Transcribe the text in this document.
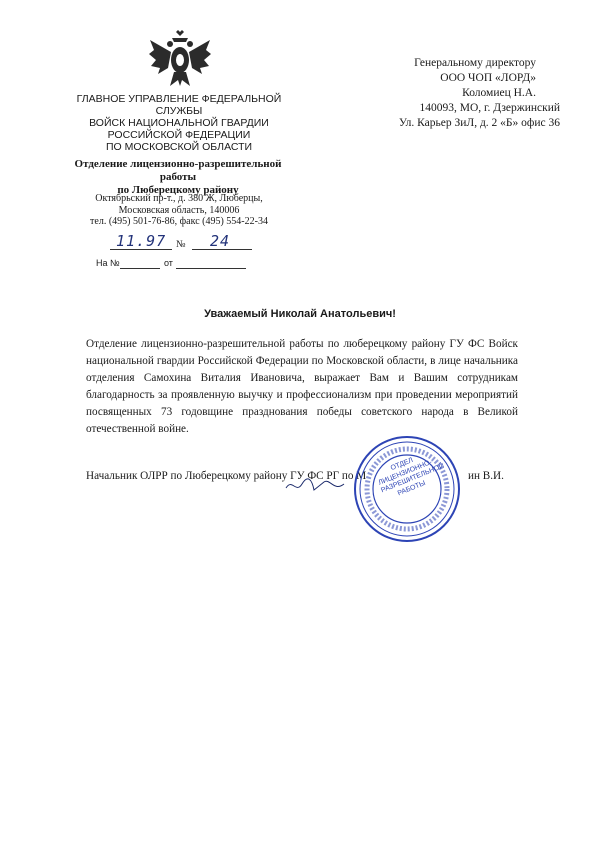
ГЛАВНОЕ УПРАВЛЕНИЕ ФЕДЕРАЛЬНОЙ
СЛУЖБЫ
ВОЙСК НАЦИОНАЛЬНОЙ ГВАРДИИ
РОССИЙСКОЙ ФЕДЕРАЦИИ
ПО МОСКОВСКОЙ ОБЛАСТИ
Отделение лицензионно-разрешительной работы
по Люберецкому району
Октябрьский пр-т., д. 380 Ж, Люберцы,
Московская область, 140006
тел. (495) 501-76-86, факс (495) 554-22-34
11.97 № 24
На №	от
Генеральному директору
ООО ЧОП «ЛОРД»
Коломиец Н.А.
140093, МО, г. Дзержинский
Ул. Карьер ЗиЛ, д. 2 «Б» офис 36
Уважаемый Николай Анатольевич!
Отделение лицензионно-разрешительной работы по люберецкому району ГУ ФС Войск национальной гвардии Российской Федерации по Московской области, в лице начальника отделения Самохина Виталия Ивановича, выражает Вам и Вашим сотрудникам благодарность за проявленную выучку и профессионализм при проведении мероприятий посвященных 73 годовщине празднования победы советского народа в Великой отечественной войне.
Начальник ОЛРР по Люберецкому району ГУ ФС РГ по М	ин В.И.
ОТДЕЛ ЛИЦЕНЗИОННО-РАЗРЕШИТЕЛЬНОЙ РАБОТЫ
